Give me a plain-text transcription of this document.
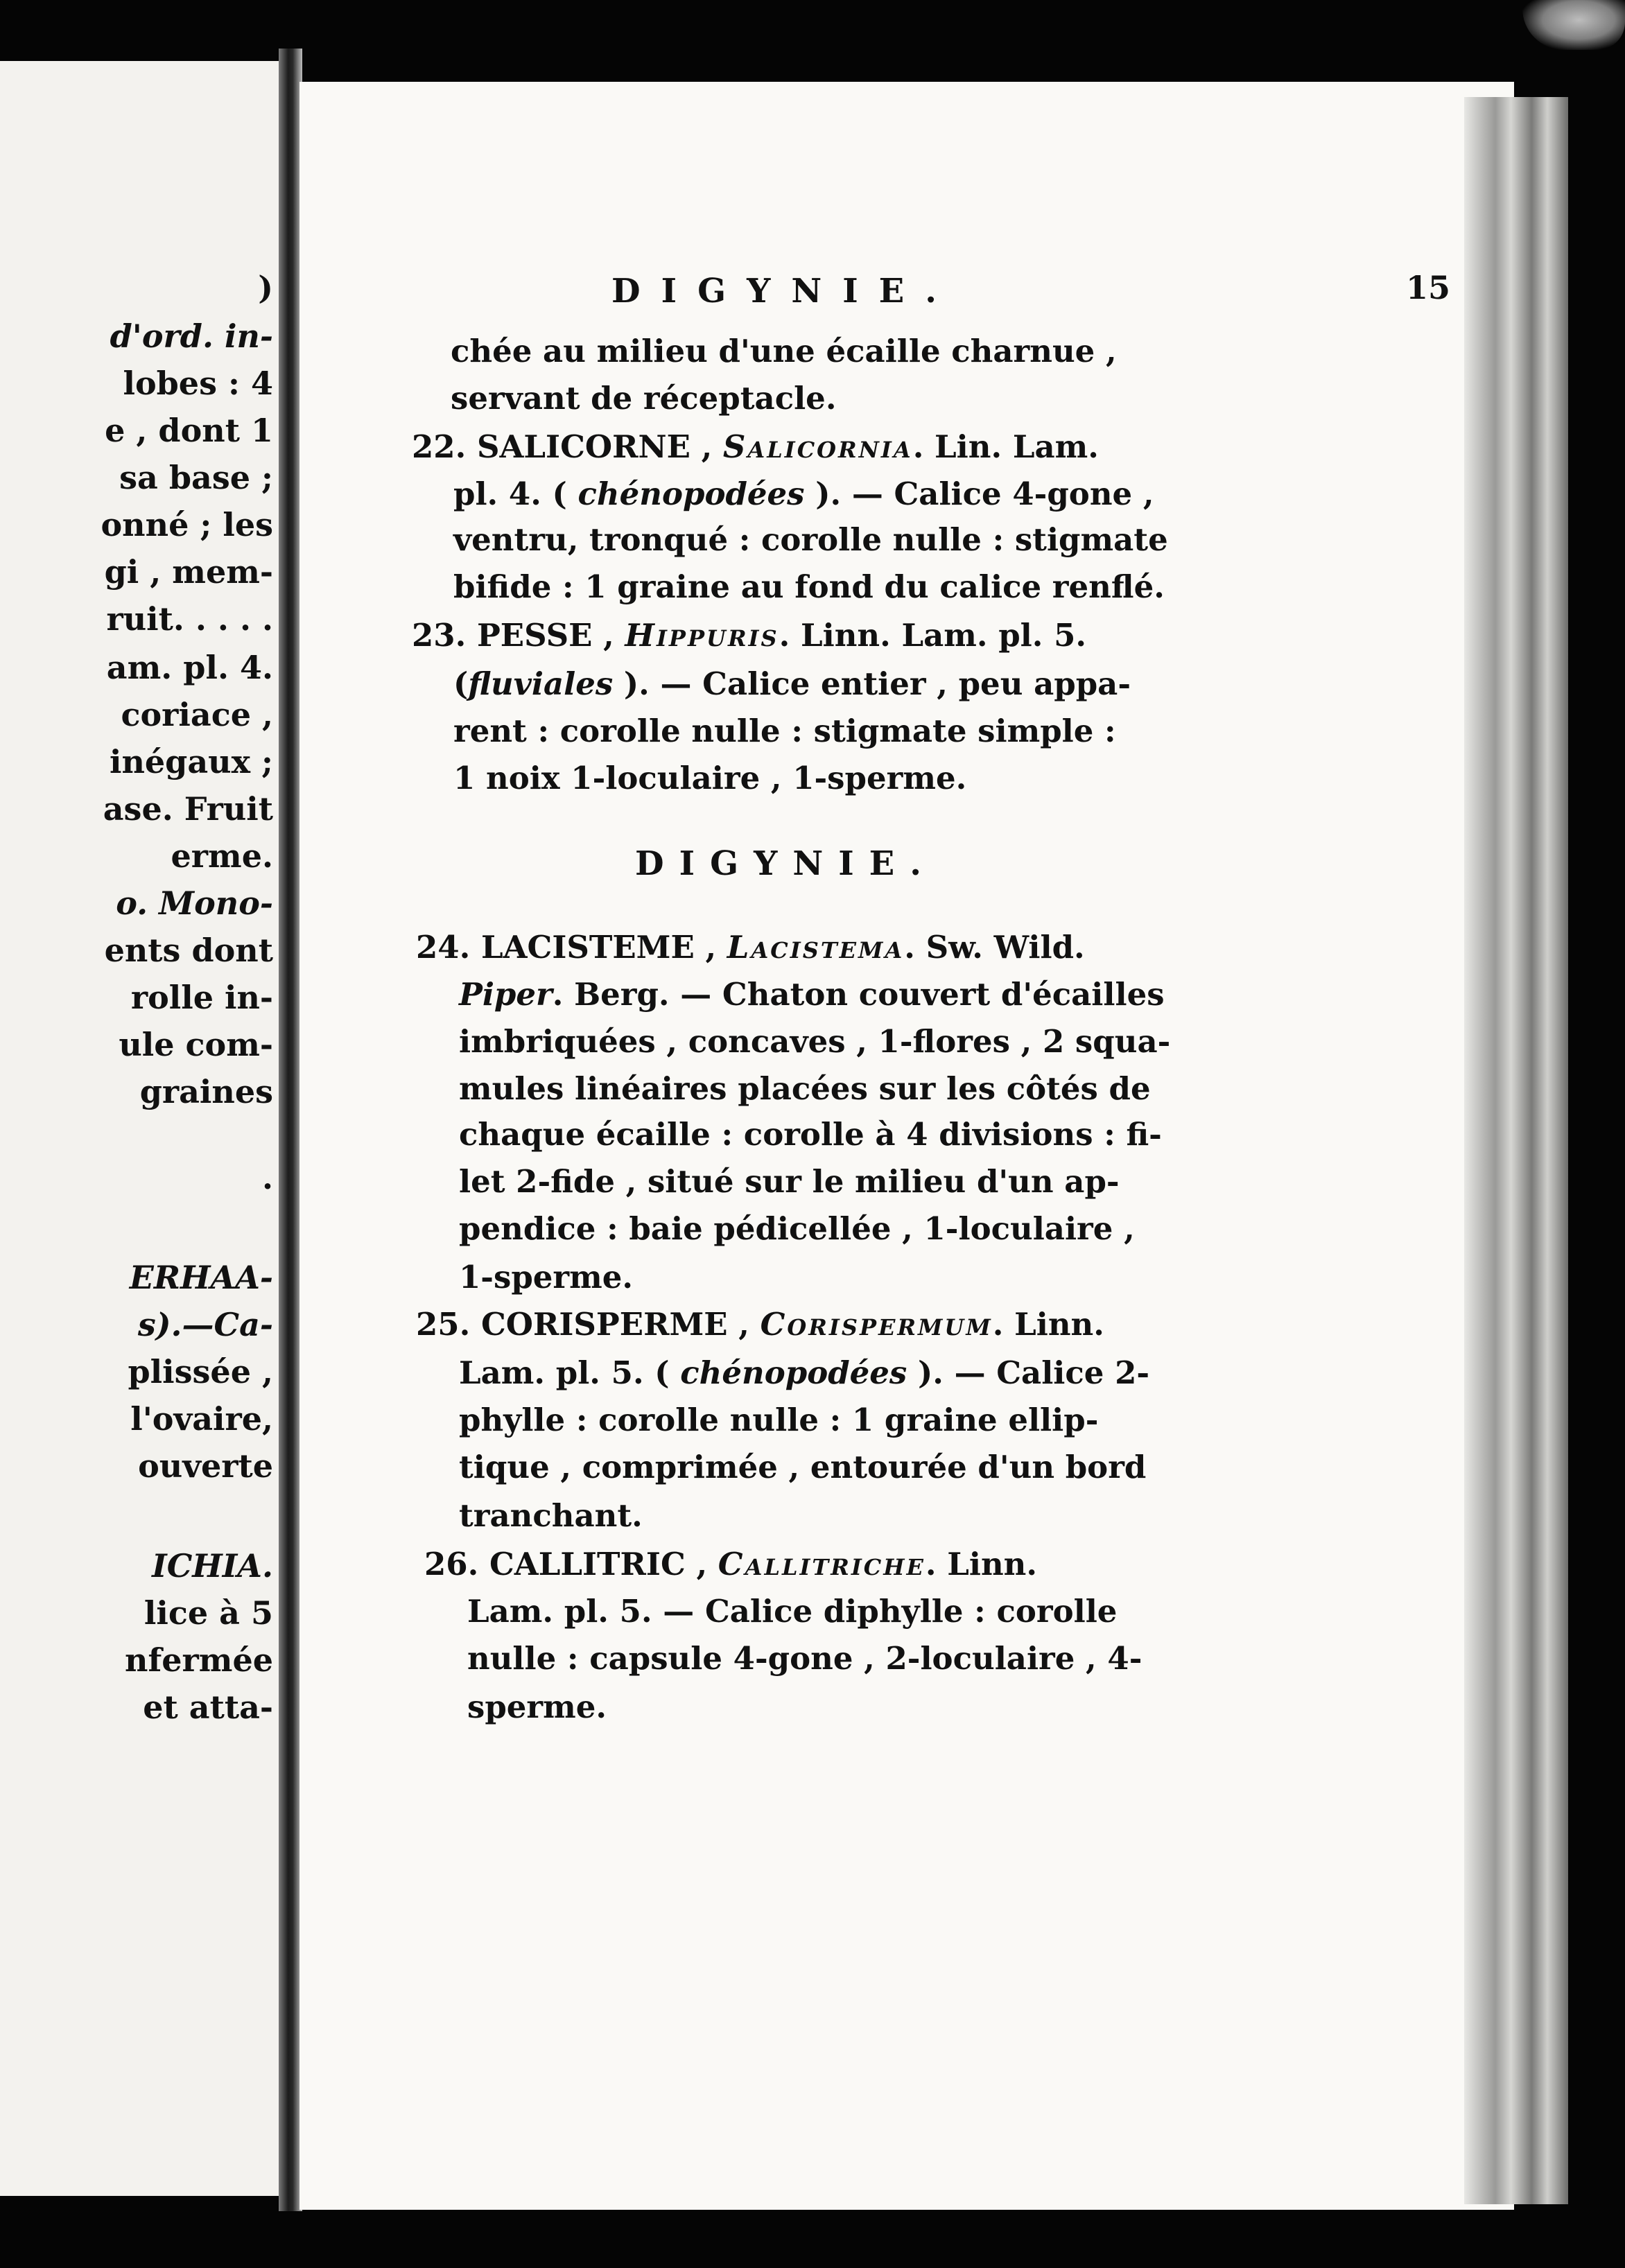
)
d'ord. in-
lobes : 4
e , dont 1
sa base ;
onné ; les
gi , mem-
ruit. . . . .
am. pl. 4.
coriace ,
inégaux ;
ase. Fruit
erme.
o. Mono-
ents dont
rolle in-
ule com-
graines
.
ERHAA-
s).—Ca-
plissée ,
l'ovaire,
ouverte
ICHIA.
lice à 5
nfermée
et atta-
DIGYNIE.	15
chée au milieu d'une écaille charnue ,
servant de réceptacle.
22. SALICORNE , Salicornia. Lin. Lam.
pl. 4. ( chénopodées ). — Calice 4-gone ,
ventru, tronqué : corolle nulle : stigmate
bifide : 1 graine au fond du calice renflé.
23. PESSE , Hippuris. Linn. Lam. pl. 5.
(fluviales ). — Calice entier , peu appa-
rent : corolle nulle : stigmate simple :
1 noix 1-loculaire , 1-sperme.
DIGYNIE.
24. LACISTEME , Lacistema. Sw. Wild.
Piper. Berg. — Chaton couvert d'écailles
imbriquées , concaves , 1-flores , 2 squa-
mules linéaires placées sur les côtés de
chaque écaille : corolle à 4 divisions : fi-
let 2-fide , situé sur le milieu d'un ap-
pendice : baie pédicellée , 1-loculaire ,
1-sperme.
25. CORISPERME , Corispermum. Linn.
Lam. pl. 5. ( chénopodées ). — Calice 2-
phylle : corolle nulle : 1 graine ellip-
tique , comprimée , entourée d'un bord
tranchant.
26. CALLITRIC , Callitriche. Linn.
Lam. pl. 5. — Calice diphylle : corolle
nulle : capsule 4-gone , 2-loculaire , 4-
sperme.
